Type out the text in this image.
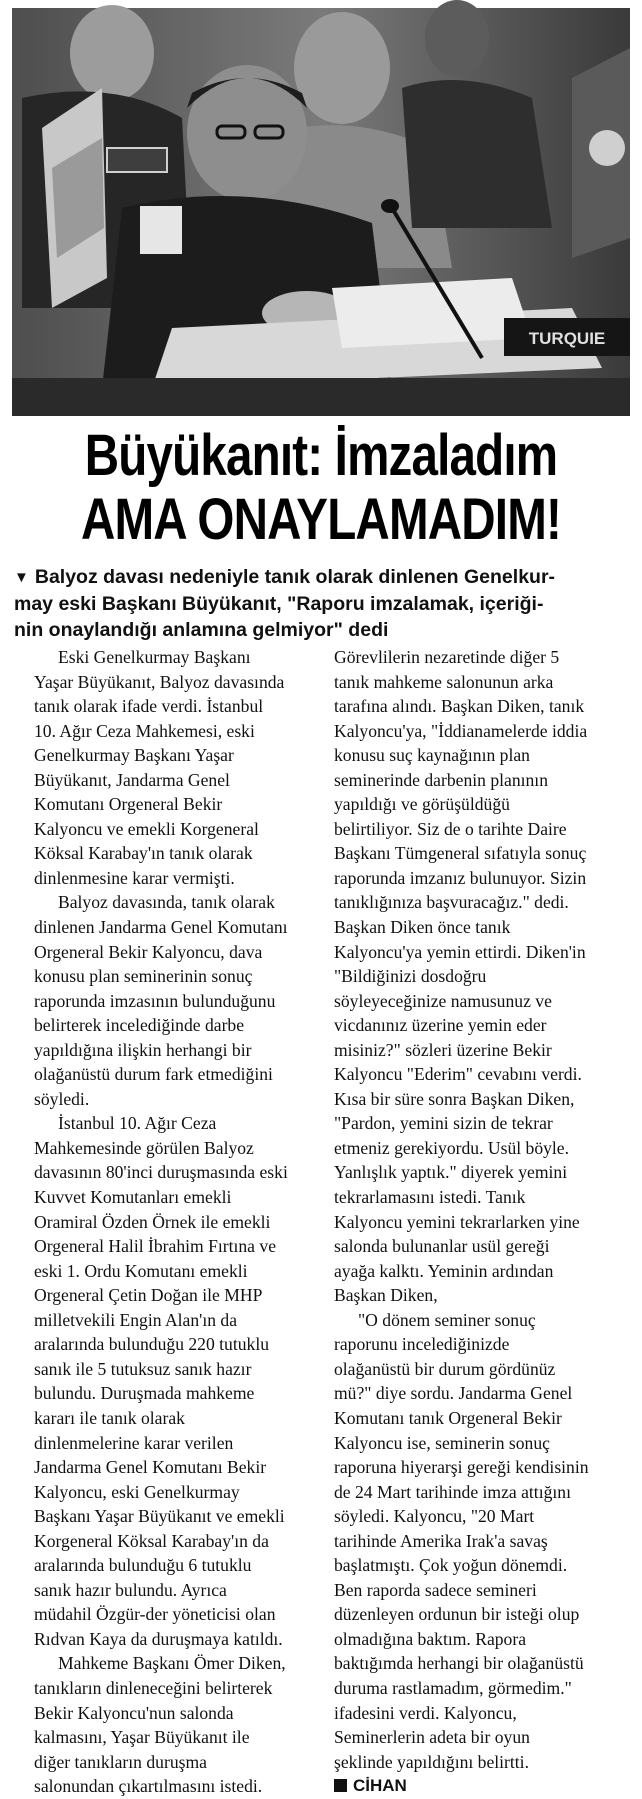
TURQUIE
Büyükanıt: İmzaladım
AMA ONAYLAMADIM!
▼ Balyoz davası nedeniyle tanık olarak dinlenen Genelkur-
may eski Başkanı Büyükanıt, "Raporu imzalamak, içeriği-
nin onaylandığı anlamına gelmiyor" dedi
Eski Genelkurmay Başkanı
Yaşar Büyükanıt, Balyoz davasında
tanık olarak ifade verdi. İstanbul
10. Ağır Ceza Mahkemesi, eski
Genelkurmay Başkanı Yaşar
Büyükanıt, Jandarma Genel
Komutanı Orgeneral Bekir
Kalyoncu ve emekli Korgeneral
Köksal Karabay'ın tanık olarak
dinlenmesine karar vermişti.
Balyoz davasında, tanık olarak
dinlenen Jandarma Genel Komutanı
Orgeneral Bekir Kalyoncu, dava
konusu plan seminerinin sonuç
raporunda imzasının bulunduğunu
belirterek incelediğinde darbe
yapıldığına ilişkin herhangi bir
olağanüstü durum fark etmediğini
söyledi.
İstanbul 10. Ağır Ceza
Mahkemesinde görülen Balyoz
davasının 80'inci duruşmasında eski
Kuvvet Komutanları emekli
Oramiral Özden Örnek ile emekli
Orgeneral Halil İbrahim Fırtına ve
eski 1. Ordu Komutanı emekli
Orgeneral Çetin Doğan ile MHP
milletvekili Engin Alan'ın da
aralarında bulunduğu 220 tutuklu
sanık ile 5 tutuksuz sanık hazır
bulundu. Duruşmada mahkeme
kararı ile tanık olarak
dinlenmelerine karar verilen
Jandarma Genel Komutanı Bekir
Kalyoncu, eski Genelkurmay
Başkanı Yaşar Büyükanıt ve emekli
Korgeneral Köksal Karabay'ın da
aralarında bulunduğu 6 tutuklu
sanık hazır bulundu. Ayrıca
müdahil Özgür-der yöneticisi olan
Rıdvan Kaya da duruşmaya katıldı.
Mahkeme Başkanı Ömer Diken,
tanıkların dinleneceğini belirterek
Bekir Kalyoncu'nun salonda
kalmasını, Yaşar Büyükanıt ile
diğer tanıkların duruşma
salonundan çıkartılmasını istedi.
Görevlilerin nezaretinde diğer 5
tanık mahkeme salonunun arka
tarafına alındı. Başkan Diken, tanık
Kalyoncu'ya, "İddianamelerde iddia
konusu suç kaynağının plan
seminerinde darbenin planının
yapıldığı ve görüşüldüğü
belirtiliyor. Siz de o tarihte Daire
Başkanı Tümgeneral sıfatıyla sonuç
raporunda imzanız bulunuyor. Sizin
tanıklığınıza başvuracağız." dedi.
Başkan Diken önce tanık
Kalyoncu'ya yemin ettirdi. Diken'in
"Bildiğinizi dosdoğru
söyleyeceğinize namusunuz ve
vicdanınız üzerine yemin eder
misiniz?" sözleri üzerine Bekir
Kalyoncu "Ederim" cevabını verdi.
Kısa bir süre sonra Başkan Diken,
"Pardon, yemini sizin de tekrar
etmeniz gerekiyordu. Usül böyle.
Yanlışlık yaptık." diyerek yemini
tekrarlamasını istedi. Tanık
Kalyoncu yemini tekrarlarken yine
salonda bulunanlar usül gereği
ayağa kalktı. Yeminin ardından
Başkan Diken,
"O dönem seminer sonuç
raporunu incelediğinizde
olağanüstü bir durum gördünüz
mü?" diye sordu. Jandarma Genel
Komutanı tanık Orgeneral Bekir
Kalyoncu ise, seminerin sonuç
raporuna hiyerarşi gereği kendisinin
de 24 Mart tarihinde imza attığını
söyledi. Kalyoncu, "20 Mart
tarihinde Amerika Irak'a savaş
başlatmıştı. Çok yoğun dönemdi.
Ben raporda sadece semineri
düzenleyen ordunun bir isteği olup
olmadığına baktım. Rapora
baktığımda herhangi bir olağanüstü
duruma rastlamadım, görmedim."
ifadesini verdi. Kalyoncu,
Seminerlerin adeta bir oyun
şeklinde yapıldığını belirtti.
CİHAN
